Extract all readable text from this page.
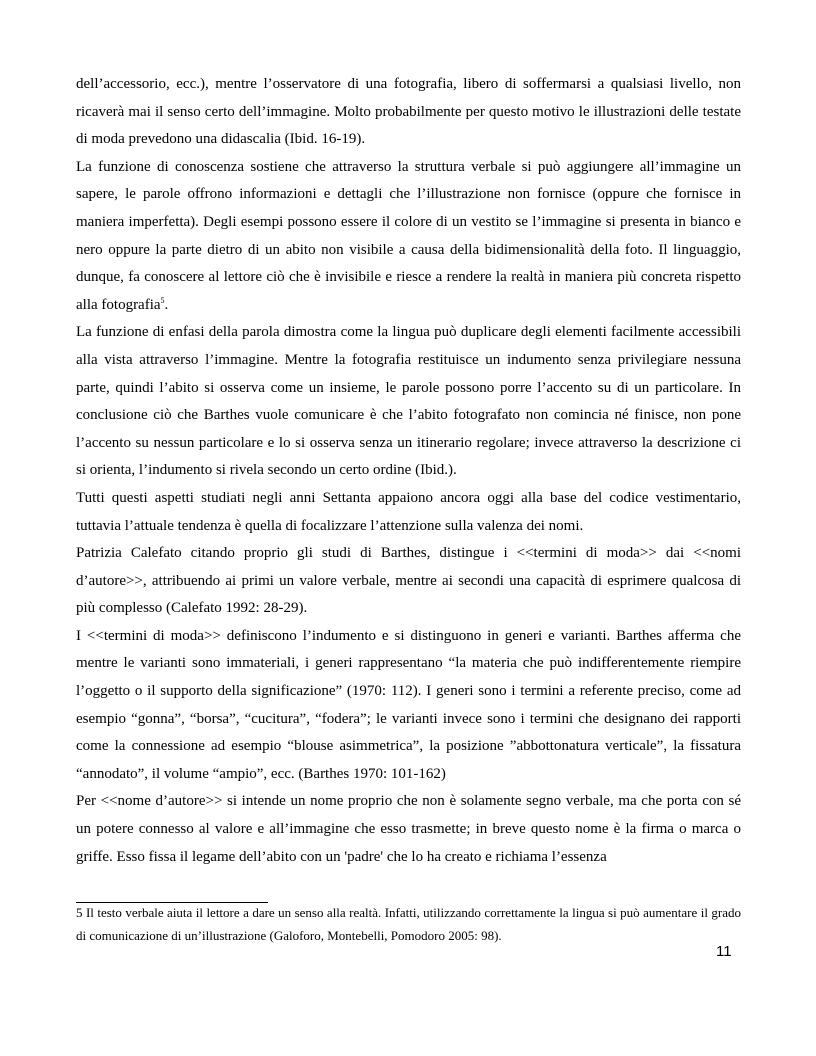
dell’accessorio, ecc.), mentre l’osservatore di una fotografia, libero di soffermarsi a qualsiasi livello, non ricaverà mai il senso certo dell’immagine. Molto probabilmente per questo motivo le illustrazioni delle testate di moda prevedono una didascalia (Ibid. 16-19).

La funzione di conoscenza sostiene che attraverso la struttura verbale si può aggiungere all’immagine un sapere, le parole offrono informazioni e dettagli che l’illustrazione non fornisce (oppure che fornisce in maniera imperfetta). Degli esempi possono essere il colore di un vestito se l’immagine si presenta in bianco e nero oppure la parte dietro di un abito non visibile a causa della bidimensionalità della foto. Il linguaggio, dunque, fa conoscere al lettore ciò che è invisibile e riesce a rendere la realtà in maniera più concreta rispetto alla fotografia$^5$.

La funzione di enfasi della parola dimostra come la lingua può duplicare degli elementi facilmente accessibili alla vista attraverso l’immagine. Mentre la fotografia restituisce un indumento senza privilegiare nessuna parte, quindi l’abito si osserva come un insieme, le parole possono porre l’accento su di un particolare. In conclusione ciò che Barthes vuole comunicare è che l’abito fotografato non comincia né finisce, non pone l’accento su nessun particolare e lo si osserva senza un itinerario regolare; invece attraverso la descrizione ci si orienta, l’indumento si rivela secondo un certo ordine (Ibid.).

Tutti questi aspetti studiati negli anni Settanta appaiono ancora oggi alla base del codice vestimentario, tuttavia l’attuale tendenza è quella di focalizzare l’attenzione sulla valenza dei nomi.

Patrizia Calefato citando proprio gli studi di Barthes, distingue i <<termini di moda>> dai <<nomi d’autore>>, attribuendo ai primi un valore verbale, mentre ai secondi una capacità di esprimere qualcosa di più complesso (Calefato 1992: 28-29).

I <<termini di moda>> definiscono l’indumento e si distinguono in generi e varianti. Barthes afferma che mentre le varianti sono immateriali, i generi rappresentano “la materia che può indifferentemente riempire l’oggetto o il supporto della significazione” (1970: 112). I generi sono i termini a referente preciso, come ad esempio “gonna”, “borsa”, “cucitura”, “fodera”; le varianti invece sono i termini che designano dei rapporti come la connessione ad esempio “blouse asimmetrica”, la posizione ”abbottonatura verticale”, la fissatura “annodato”, il volume “ampio”, ecc. (Barthes 1970: 101-162)

Per <<nome d’autore>> si intende un nome proprio che non è solamente segno verbale, ma che porta con sé un potere connesso al valore e all’immagine che esso trasmette; in breve questo nome è la firma o marca o griffe. Esso fissa il legame dell’abito con un 'padre' che lo ha creato e richiama l’essenza

5 Il testo verbale aiuta il lettore a dare un senso alla realtà. Infatti, utilizzando correttamente la lingua si può aumentare il grado di comunicazione di un’illustrazione (Galoforo, Montebelli, Pomodoro 2005: 98).
11
